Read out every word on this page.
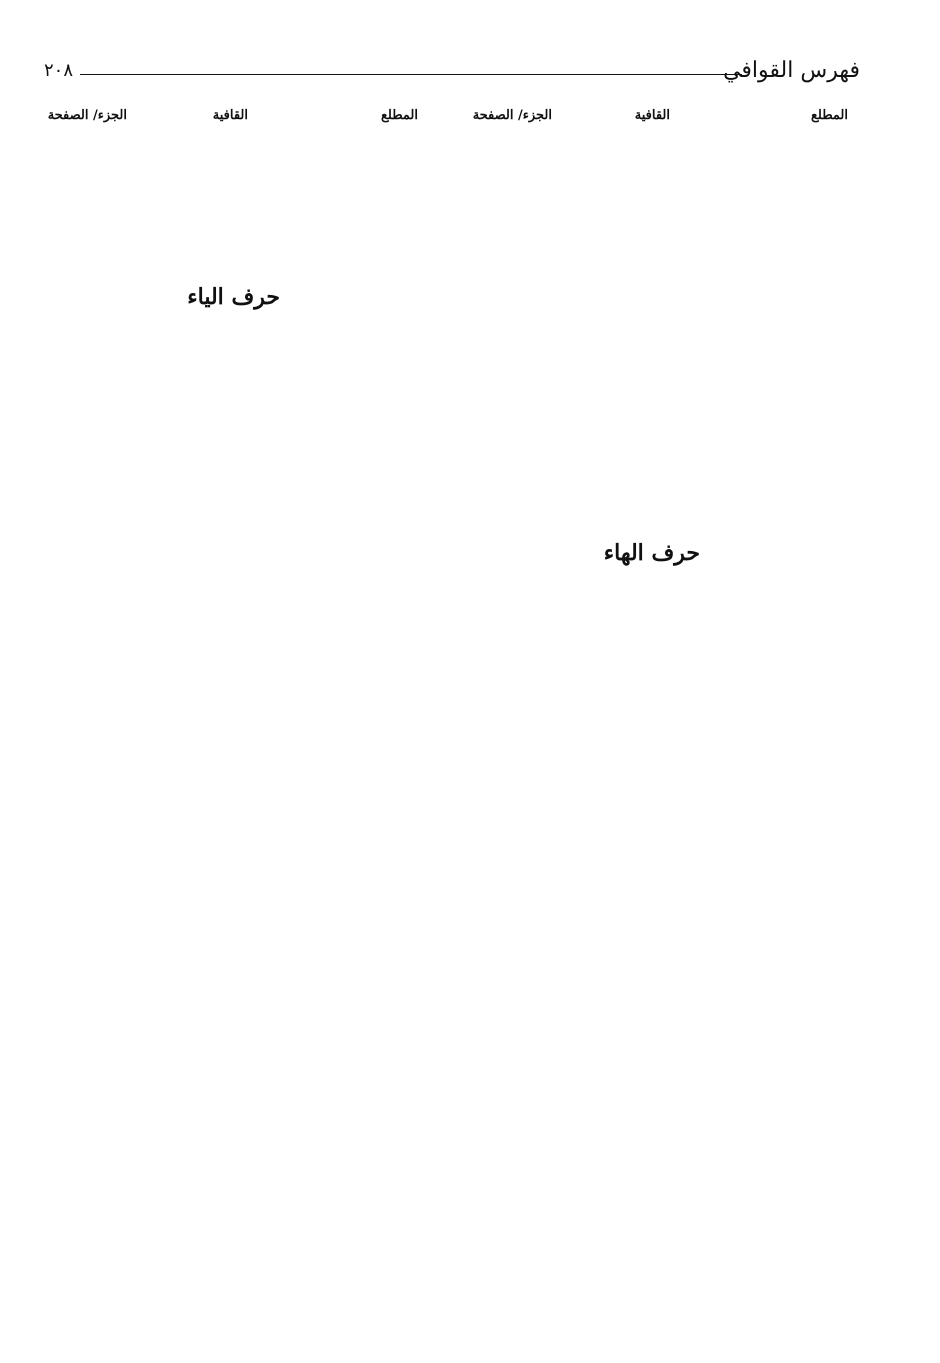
فهرس القوافي
٢٠٨
المطلع
القافية
الجزء/ الصفحة
المطلع
القافية
الجزء/ الصفحة
حرف الهاء
حرف الياء
